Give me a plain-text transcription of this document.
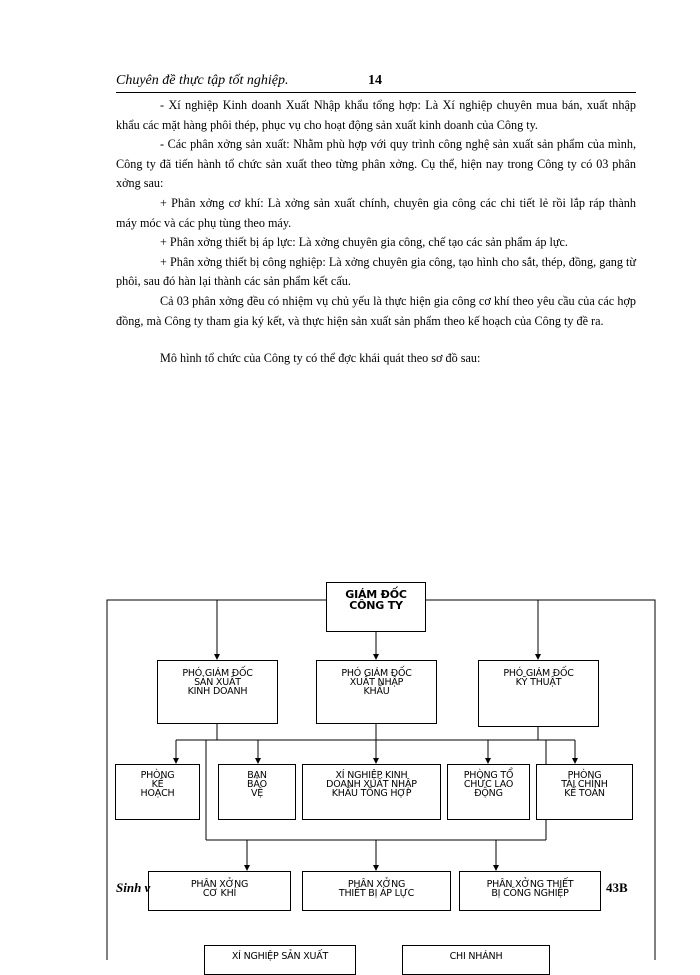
Chuyên đề thực tập tốt nghiệp.	14

- Xí nghiệp Kinh doanh Xuất Nhập khẩu tổng hợp: Là Xí nghiệp chuyên mua bán, xuất nhập khẩu các mặt hàng phôi thép, phục vụ cho hoạt động sản xuất kinh doanh của Công ty.

- Các phân xởng sản xuất: Nhằm phù hợp với quy trình công nghệ sản xuất sản phẩm của mình, Công ty đã tiến hành tổ chức sản xuất theo từng phân xởng. Cụ thể, hiện nay trong Công ty có 03 phân xởng sau:

+ Phân xởng cơ khí: Là xởng sản xuất chính, chuyên gia công các chi tiết lẻ rồi lắp ráp thành máy móc và các phụ tùng theo máy.

+ Phân xởng thiết bị áp lực: Là xởng chuyên gia công, chế tạo các sản phẩm áp lực.

+ Phân xởng thiết bị công nghiệp: Là xởng chuyên gia công, tạo hình cho sắt, thép, đồng, gang từ phôi, sau đó hàn lại thành các sản phẩm kết cấu.

Cả 03 phân xởng đều có nhiệm vụ chủ yếu là thực hiện gia công cơ khí theo yêu cầu của các hợp đồng, mà Công ty tham gia ký kết, và thực hiện sản xuất sản phẩm theo kế hoạch của Công ty đề ra.

Mô hình tổ chức của Công ty có thể đợc khái quát theo sơ đồ sau:

GIÁM ĐỐC
CÔNG TY
PHÓ GIÁM ĐỐC
SẢN XUẤT
KINH DOANH
PHÓ GIÁM ĐỐC
XUẤT NHẬP
KHẨU
PHÓ GIÁM ĐỐC
KỸ THUẬT
PHÒNG
KẾ
HOẠCH
BAN
BẢO
VỆ
XÍ NGHIỆP KINH
DOANH XUẤT NHẬP
KHẨU TỔNG HỢP
PHÒNG TỔ
CHỨC LAO
ĐỘNG
PHÒNG
TÀI CHÍNH
KẾ TOÁN
PHÂN XỞNG
CƠ KHÍ
PHÂN XỞNG
THIẾT BỊ ÁP LỰC
PHÂN XỞNG THIẾT
BỊ CÔNG NGHIỆP
XÍ NGHIỆP SẢN XUẤT	CHI NHÁNH
Sinh v	43B
